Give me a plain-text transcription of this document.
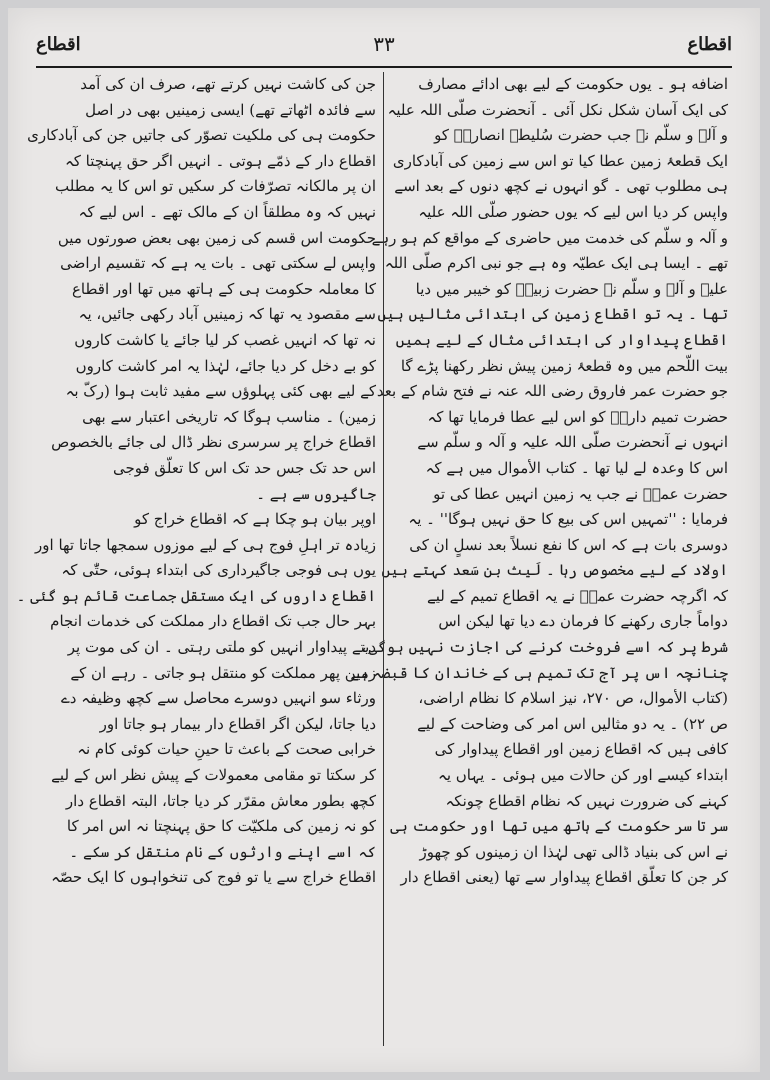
اقطاع
٣٣
اقطاع
اضافه ہو ۔ یوں حکومت کے لیے بھی ادائے مصارف
کی ایک آسان شکل نکل آئی ۔ آنحضرت صلّی اللہ علیہ
و آلہ و سلّم نے جب حضرت سُلیطہ انصاریؓ کو
ایک قطعۂ زمین عطا کیا تو اس سے زمین کی آبادکاری
ہی مطلوب تھی ۔ گو انہوں نے کچھ دنوں کے بعد اسے
واپس کر دیا اس لیے کہ یوں حضور صلّی اللہ علیہ
و آلہ و سلّم کی خدمت میں حاضری کے مواقع کم ہو رہے
تھے ۔ ایسا ہی ایک عطیّہ وہ ہے جو نبی اکرم صلّی اللہ
علیہ و آلہ و سلّم نے حضرت زبیرؓ کو خیبر میں دیا
تھا ۔ یہ تو اقطاع زمین کی ابتدائی مثالیں ہیں ۔
اقطاع پیداوار کی ابتدائی مثال کے لیے ہمیں
بیت اللّحم میں وہ قطعۂ زمین پیش نظر رکھنا پڑے گا
جو حضرت عمر فاروق رضی اللہ عنہ نے فتح شام کے بعد
حضرت تمیم داریؓ کو اس لیے عطا فرمایا تھا کہ
انہوں نے آنحضرت صلّی اللہ علیہ و آلہ و سلّم سے
اس کا وعدہ لے لیا تھا ۔ کتاب الأموال میں ہے کہ
حضرت عمرؓ نے جب یہ زمین انہیں عطا کی تو
فرمایا : ''تمہیں اس کی بیع کا حق نہیں ہوگا'' ۔ یہ
دوسری بات ہے کہ اس کا نفع نسلاً بعد نسلٍ ان کی
اولاد کے لیے مخصوص رہا ۔ لَیث بن سَعد کہتے ہیں
کہ اگرچہ حضرت عمرؓ نے یہ اقطاع تمیم کے لیے
دواماً جاری رکھنے کا فرمان دے دیا تھا لیکن اس
شرط پر کہ اسے فروخت کرنے کی اجازت نہیں ہوگی،
چنانچہ اس پر آج تک تمیم ہی کے خاندان کا قبضہ ہے
(کتاب الأموال، ص ۲۷۰، نیز اسلام کا نظام اراضی،
ص ۲۲) ۔ یہ دو مثالیں اس امر کی وضاحت کے لیے
کافی ہیں کہ اقطاع زمین اور اقطاع پیداوار کی
ابتداء کیسے اور کن حالات میں ہوئی ۔ یہاں یہ
کہنے کی ضرورت نہیں کہ نظام اقطاع چونکہ
سر تا سر حکومت کے ہاتھ میں تھا اور حکومت ہی
نے اس کی بنیاد ڈالی تھی لہٰذا ان زمینوں کو چھوڑ
کر جن کا تعلّق اقطاع پیداوار سے تھا (یعنی اقطاع دار
جن کی کاشت نہیں کرتے تھے، صرف ان کی آمد
سے فائدہ اٹھاتے تھے) ایسی زمینیں بھی در اصل
حکومت ہی کی ملکیت تصوّر کی جاتیں جن کی آبادکاری
اقطاع دار کے ذمّے ہوتی ۔ انہیں اگر حق پہنچتا کہ
ان پر مالکانہ تصرّفات کر سکیں تو اس کا یہ مطلب
نہیں کہ وہ مطلقاً ان کے مالک تھے ۔ اس لیے کہ
حکومت اس قسم کی زمین بھی بعض صورتوں میں
واپس لے سکتی تھی ۔ بات یہ ہے کہ تقسیم اراضی
کا معاملہ حکومت ہی کے ہاتھ میں تھا اور اقطاع
سے مقصود یہ تھا کہ زمینیں آباد رکھی جائیں، یہ
نہ تھا کہ انہیں غصب کر لیا جائے یا کاشت کاروں
کو بے دخل کر دیا جائے، لہٰذا یہ امر کاشت کاروں
کے لیے بھی کئی پہلوؤں سے مفید ثابت ہوا (رکّ بہ
زمین) ۔ مناسب ہوگا کہ تاریخی اعتبار سے بھی
اقطاع خراج پر سرسری نظر ڈال لی جائے بالخصوص
اس حد تک جس حد تک اس کا تعلّق فوجی
جاگیروں سے ہے ۔
اوپر بیان ہو چکا ہے کہ اقطاع خراج کو
زیادہ تر اہلِ فوج ہی کے لیے موزوں سمجھا جاتا تھا اور
یوں ہی فوجی جاگیرداری کی ابتداء ہوئی، حتّٰی کہ
اقطاع داروں کی ایک مستقل جماعت قائم ہو گئی ۔
بہر حال جب تک اقطاع دار مملکت کی خدمات انجام
دیتے پیداوار انہیں کو ملتی رہتی ۔ ان کی موت پر
زمین پھر مملکت کو منتقل ہو جاتی ۔ رہے ان کے
ورثاء سو انہیں دوسرے محاصل سے کچھ وظیفہ دے
دیا جاتا، لیکن اگر اقطاع دار بیمار ہو جاتا اور
خرابی صحت کے باعث تا حینِ حیات کوئی کام نہ
کر سکتا تو مقامی معمولات کے پیش نظر اس کے لیے
کچھ بطور معاش مقرّر کر دیا جاتا، البتہ اقطاع دار
کو نہ زمین کی ملکیّت کا حق پہنچتا نہ اس امر کا
کہ اسے اپنے وارثوں کے نام منتقل کر سکے ۔
اقطاع خراج سے یا تو فوج کی تنخواہوں کا ایک حصّہ
